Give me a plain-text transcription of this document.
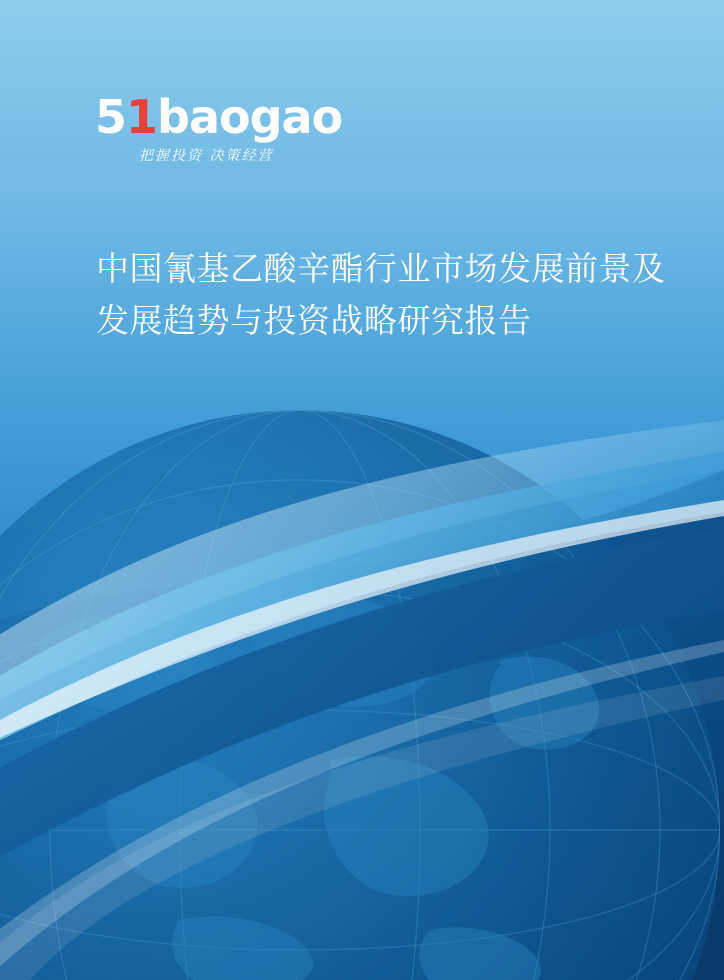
51baogao
把握投资 决策经营
中国氰基乙酸辛酯行业市场发展前景及发展趋势与投资战略研究报告
